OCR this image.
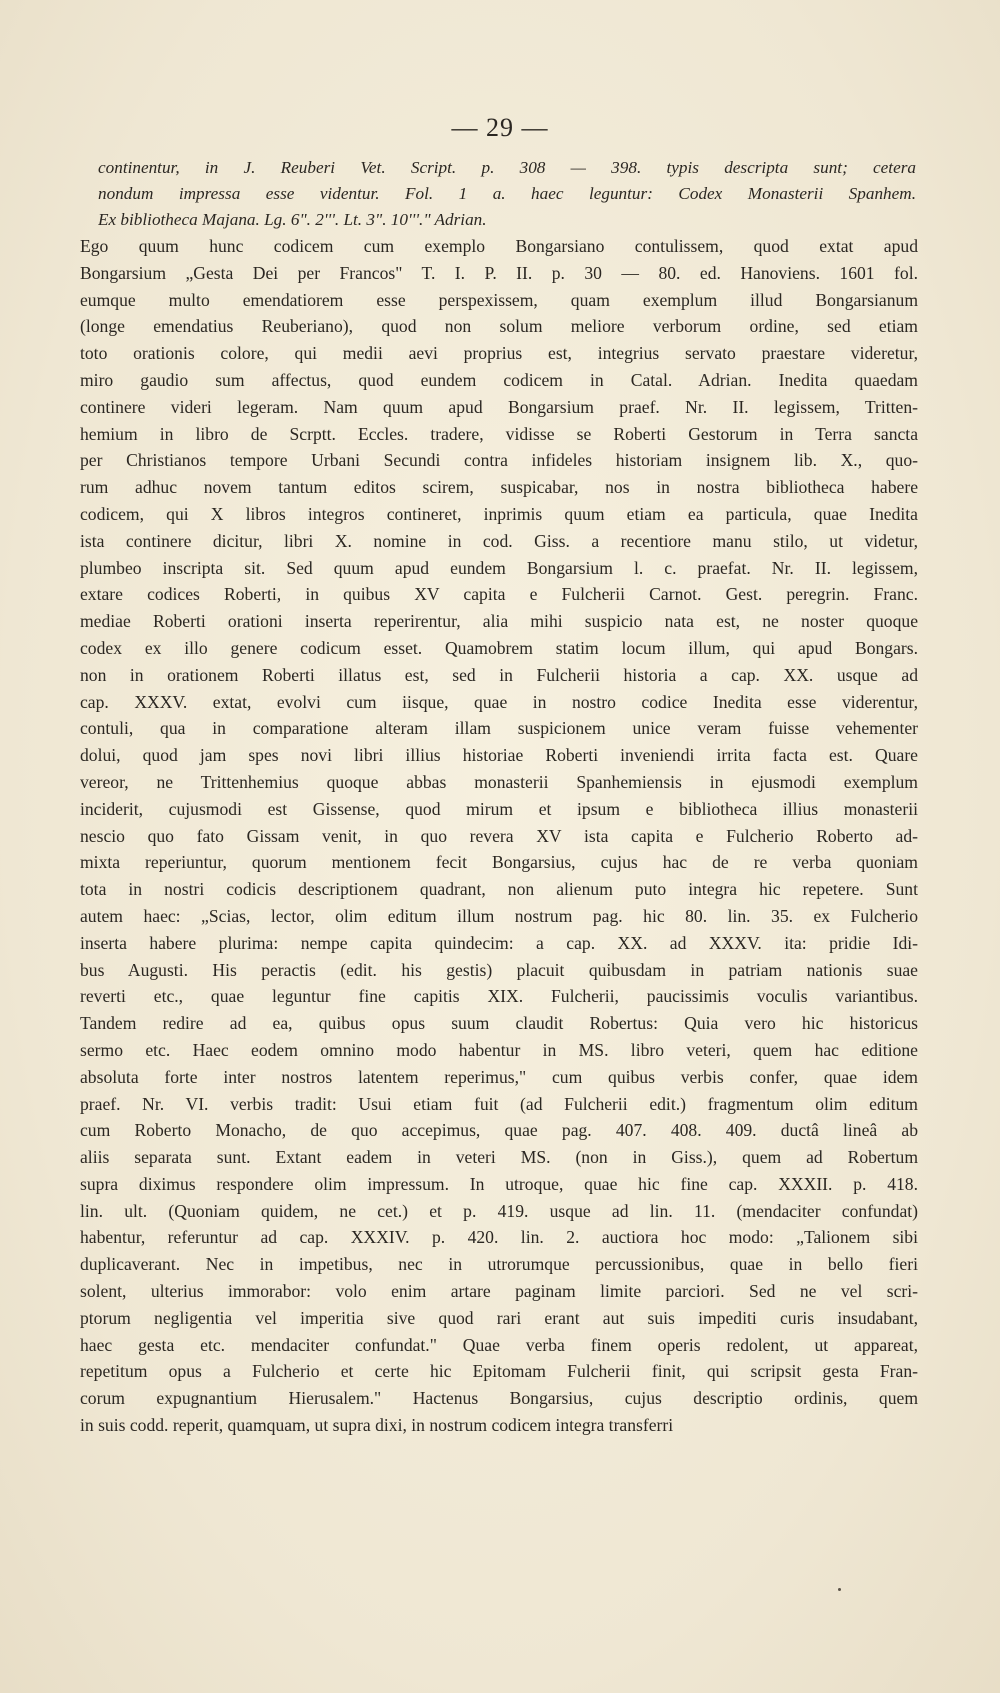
— 29 —
continentur, in J. Reuberi Vet. Script. p. 308 — 398. typis descripta sunt; cetera
nondum impressa esse videntur. Fol. 1 a. haec leguntur: Codex Monasterii Spanhem.
Ex bibliotheca Majana. Lg. 6". 2'''. Lt. 3". 10'''." Adrian.
Ego quum hunc codicem cum exemplo Bongarsiano contulissem, quod extat apud
Bongarsium „Gesta Dei per Francos" T. I. P. II. p. 30 — 80. ed. Hanoviens. 1601 fol.
eumque multo emendatiorem esse perspexissem, quam exemplum illud Bongarsianum
(longe emendatius Reuberiano), quod non solum meliore verborum ordine, sed etiam
toto orationis colore, qui medii aevi proprius est, integrius servato praestare videretur,
miro gaudio sum affectus, quod eundem codicem in Catal. Adrian. Inedita quaedam
continere videri legeram. Nam quum apud Bongarsium praef. Nr. II. legissem, Tritten-
hemium in libro de Scrptt. Eccles. tradere, vidisse se Roberti Gestorum in Terra sancta
per Christianos tempore Urbani Secundi contra infideles historiam insignem lib. X., quo-
rum adhuc novem tantum editos scirem, suspicabar, nos in nostra bibliotheca habere
codicem, qui X libros integros contineret, inprimis quum etiam ea particula, quae Inedita
ista continere dicitur, libri X. nomine in cod. Giss. a recentiore manu stilo, ut videtur,
plumbeo inscripta sit. Sed quum apud eundem Bongarsium l. c. praefat. Nr. II. legissem,
extare codices Roberti, in quibus XV capita e Fulcherii Carnot. Gest. peregrin. Franc.
mediae Roberti orationi inserta reperirentur, alia mihi suspicio nata est, ne noster quoque
codex ex illo genere codicum esset. Quamobrem statim locum illum, qui apud Bongars.
non in orationem Roberti illatus est, sed in Fulcherii historia a cap. XX. usque ad
cap. XXXV. extat, evolvi cum iisque, quae in nostro codice Inedita esse viderentur,
contuli, qua in comparatione alteram illam suspicionem unice veram fuisse vehementer
dolui, quod jam spes novi libri illius historiae Roberti inveniendi irrita facta est. Quare
vereor, ne Trittenhemius quoque abbas monasterii Spanhemiensis in ejusmodi exemplum
inciderit, cujusmodi est Gissense, quod mirum et ipsum e bibliotheca illius monasterii
nescio quo fato Gissam venit, in quo revera XV ista capita e Fulcherio Roberto ad-
mixta reperiuntur, quorum mentionem fecit Bongarsius, cujus hac de re verba quoniam
tota in nostri codicis descriptionem quadrant, non alienum puto integra hic repetere. Sunt
autem haec: „Scias, lector, olim editum illum nostrum pag. hic 80. lin. 35. ex Fulcherio
inserta habere plurima: nempe capita quindecim: a cap. XX. ad XXXV. ita: pridie Idi-
bus Augusti. His peractis (edit. his gestis) placuit quibusdam in patriam nationis suae
reverti etc., quae leguntur fine capitis XIX. Fulcherii, paucissimis voculis variantibus.
Tandem redire ad ea, quibus opus suum claudit Robertus: Quia vero hic historicus
sermo etc. Haec eodem omnino modo habentur in MS. libro veteri, quem hac editione
absoluta forte inter nostros latentem reperimus," cum quibus verbis confer, quae idem
praef. Nr. VI. verbis tradit: Usui etiam fuit (ad Fulcherii edit.) fragmentum olim editum
cum Roberto Monacho, de quo accepimus, quae pag. 407. 408. 409. ductâ lineâ ab
aliis separata sunt. Extant eadem in veteri MS. (non in Giss.), quem ad Robertum
supra diximus respondere olim impressum. In utroque, quae hic fine cap. XXXII. p. 418.
lin. ult. (Quoniam quidem, ne cet.) et p. 419. usque ad lin. 11. (mendaciter confundat)
habentur, referuntur ad cap. XXXIV. p. 420. lin. 2. auctiora hoc modo: „Talionem sibi
duplicaverant. Nec in impetibus, nec in utrorumque percussionibus, quae in bello fieri
solent, ulterius immorabor: volo enim artare paginam limite parciori. Sed ne vel scri-
ptorum negligentia vel imperitia sive quod rari erant aut suis impediti curis insudabant,
haec gesta etc. mendaciter confundat." Quae verba finem operis redolent, ut appareat,
repetitum opus a Fulcherio et certe hic Epitomam Fulcherii finit, qui scripsit gesta Fran-
corum expugnantium Hierusalem." Hactenus Bongarsius, cujus descriptio ordinis, quem
in suis codd. reperit, quamquam, ut supra dixi, in nostrum codicem integra transferri
